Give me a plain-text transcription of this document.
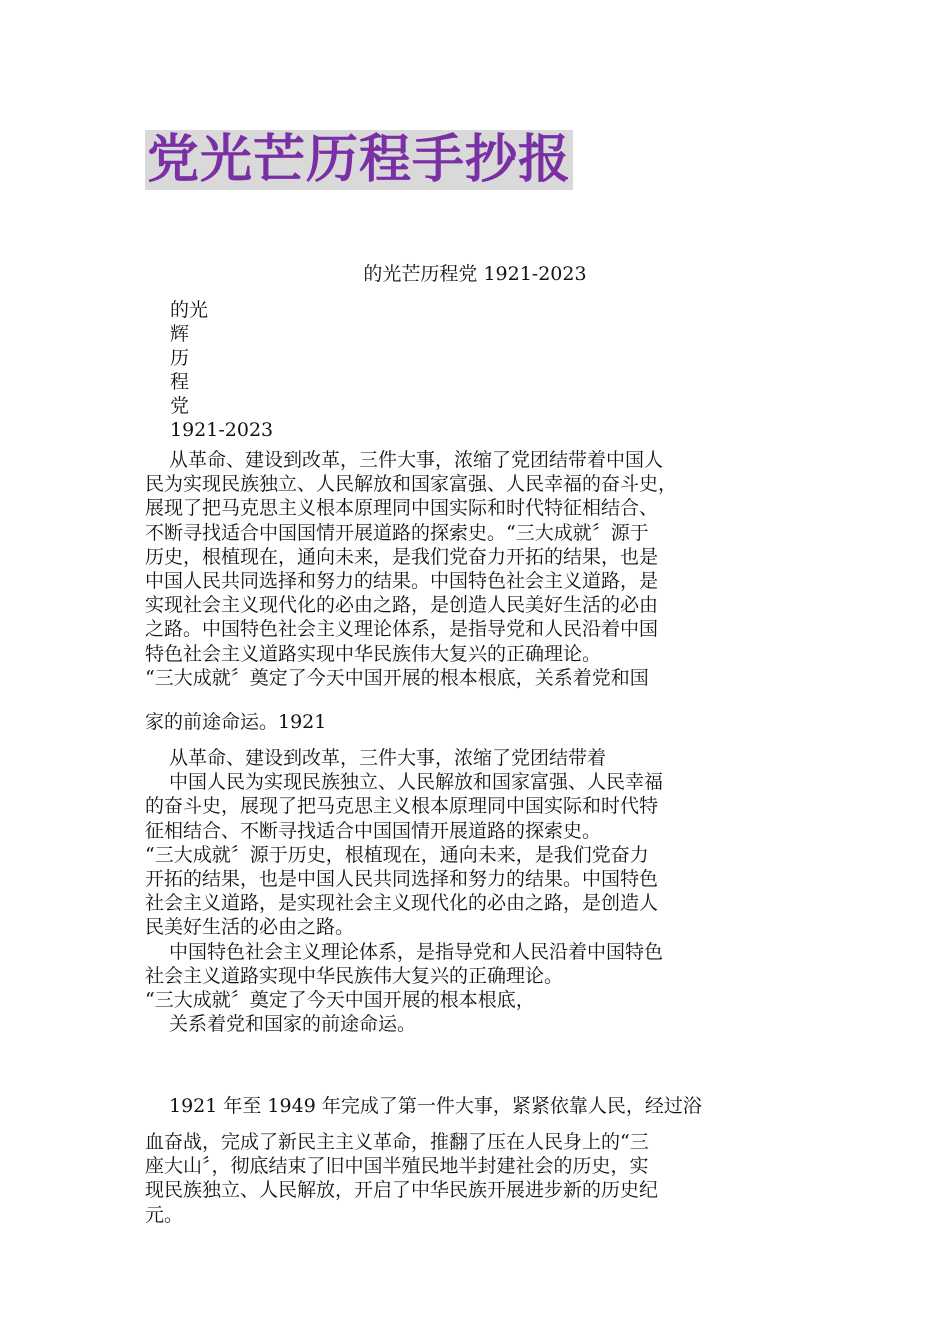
党光芒历程手抄报
的光芒历程党 1921-2023
的光
辉
历
程
党
1921-2023
从革命、建设到改革，三件大事，浓缩了党团结带着中国人
民为实现民族独立、人民解放和国家富强、人民幸福的奋斗史，
展现了把马克思主义根本原理同中国实际和时代特征相结合、
不断寻找适合中国国情开展道路的探索史。“三大成就〞源于
历史，根植现在，通向未来，是我们党奋力开拓的结果，也是
中国人民共同选择和努力的结果。中国特色社会主义道路，是
实现社会主义现代化的必由之路，是创造人民美好生活的必由
之路。中国特色社会主义理论体系，是指导党和人民沿着中国
特色社会主义道路实现中华民族伟大复兴的正确理论。
“三大成就〞奠定了今天中国开展的根本根底，关系着党和国
家的前途命运。1921
从革命、建设到改革，三件大事，浓缩了党团结带着
中国人民为实现民族独立、人民解放和国家富强、人民幸福
的奋斗史，展现了把马克思主义根本原理同中国实际和时代特
征相结合、不断寻找适合中国国情开展道路的探索史。
“三大成就〞源于历史，根植现在，通向未来，是我们党奋力
开拓的结果，也是中国人民共同选择和努力的结果。中国特色
社会主义道路，是实现社会主义现代化的必由之路，是创造人
民美好生活的必由之路。
中国特色社会主义理论体系，是指导党和人民沿着中国特色
社会主义道路实现中华民族伟大复兴的正确理论。
“三大成就〞奠定了今天中国开展的根本根底，
关系着党和国家的前途命运。
1921 年至 1949 年完成了第一件大事，紧紧依靠人民，经过浴
血奋战，完成了新民主主义革命，推翻了压在人民身上的“三
座大山〞，彻底结束了旧中国半殖民地半封建社会的历史，实
现民族独立、人民解放，开启了中华民族开展进步新的历史纪
元。
